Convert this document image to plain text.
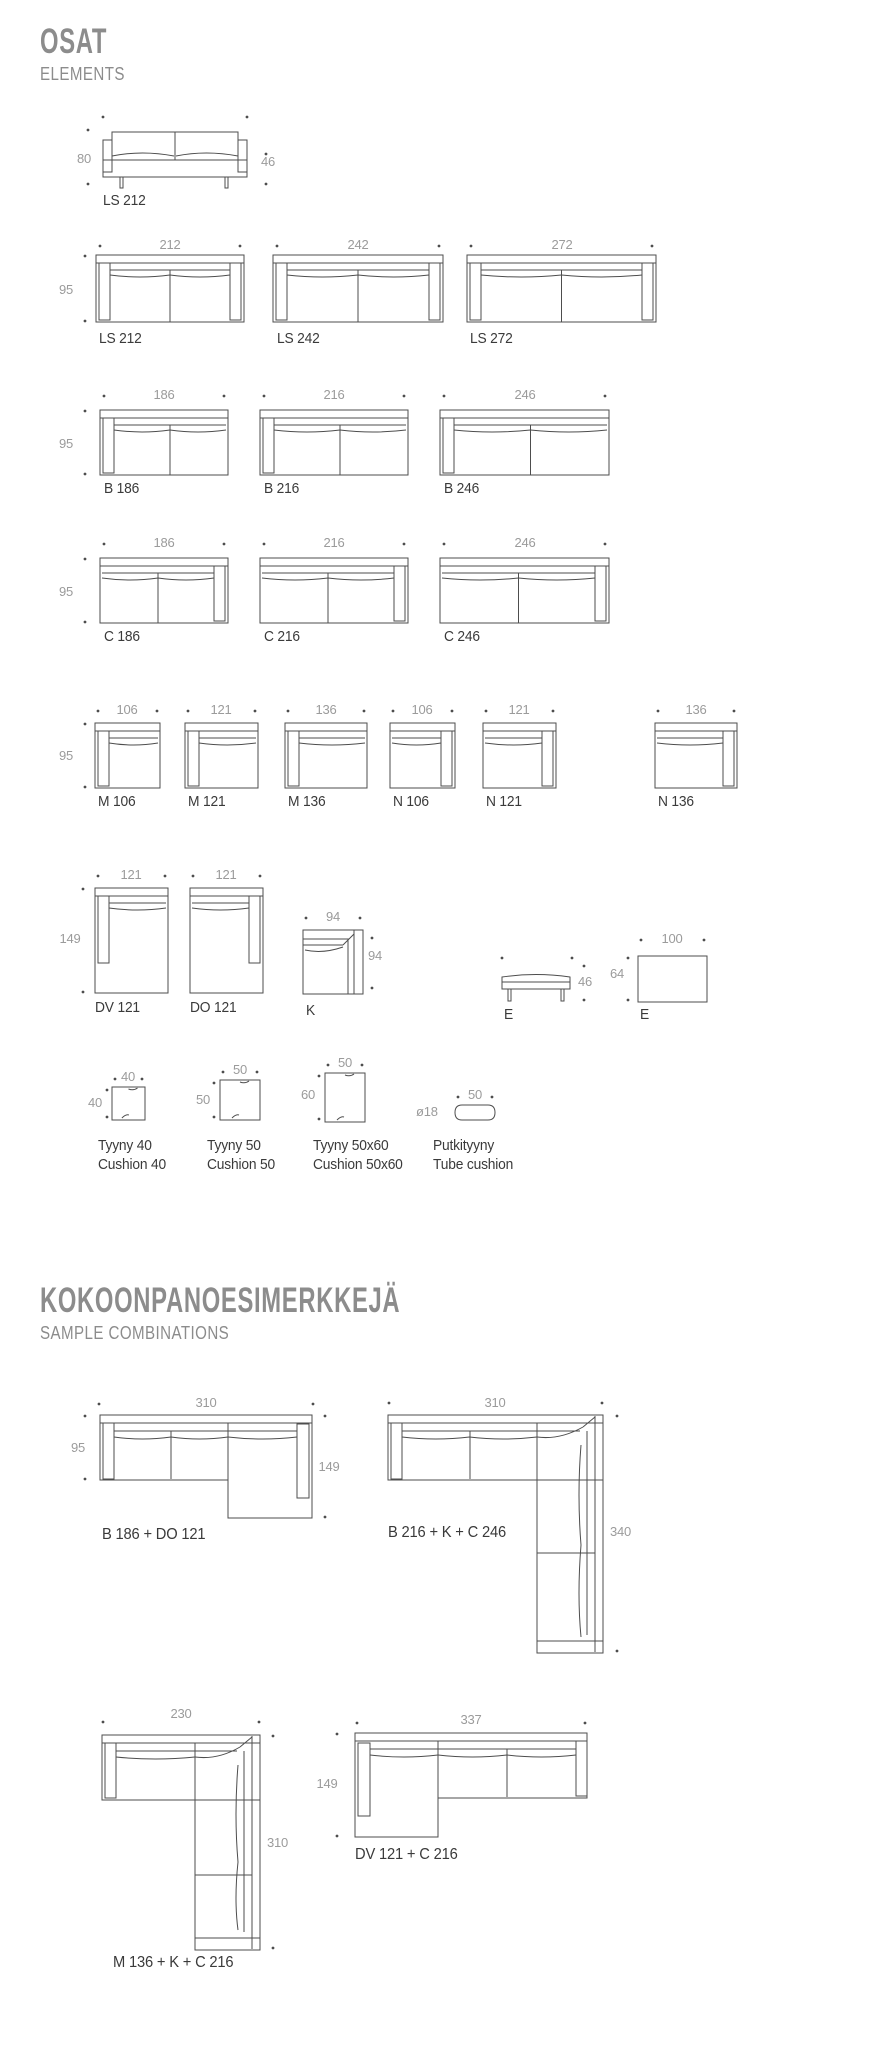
OSAT
ELEMENTS
80	46
LS 212
212	242	272
95
LS 212	LS 242	LS 272
186	216	246
95
B 186	B 216	B 246
186	216	246
95
C 186	C 216	C 246
106	121	136	106	121	136
95
M 106	M 121	M 136	N 106	N 121	N 136
121	121
149
DV 121	DO 121
94
94
K
46
E
100
64
E
40
40
Tyyny 40
Cushion 40
50
50
Tyyny 50
Cushion 50
50
60
Tyyny 50x60
Cushion 50x60
50
ø18
Putkityyny
Tube cushion
KOKOONPANOESIMERKKEJÄ
SAMPLE COMBINATIONS
310
95
149
B 186 + DO 121
310
340
B 216 + K + C 246
230
310
M 136 + K + C 216
337
149
DV 121 + C 216
